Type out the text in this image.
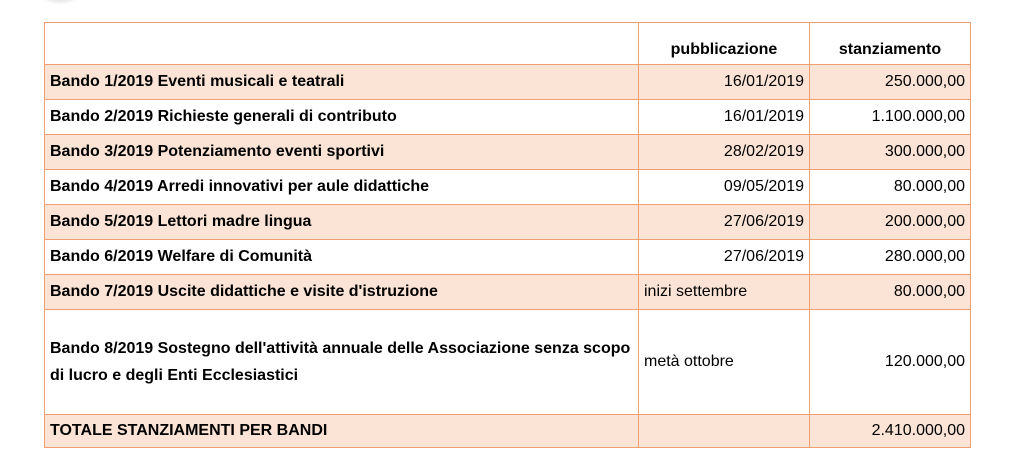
	pubblicazione	stanziamento
Bando 1/2019 Eventi musicali e teatrali	16/01/2019	250.000,00
Bando 2/2019 Richieste generali di contributo	16/01/2019	1.100.000,00
Bando 3/2019 Potenziamento eventi sportivi	28/02/2019	300.000,00
Bando 4/2019 Arredi innovativi per aule didattiche	09/05/2019	80.000,00
Bando 5/2019 Lettori madre lingua	27/06/2019	200.000,00
Bando 6/2019 Welfare di Comunità	27/06/2019	280.000,00
Bando 7/2019 Uscite didattiche e visite d'istruzione	inizi settembre	80.000,00
Bando 8/2019 Sostegno dell'attività annuale delle Associazione senza scopo di lucro e degli Enti Ecclesiastici	metà ottobre	120.000,00
TOTALE STANZIAMENTI PER BANDI		2.410.000,00
